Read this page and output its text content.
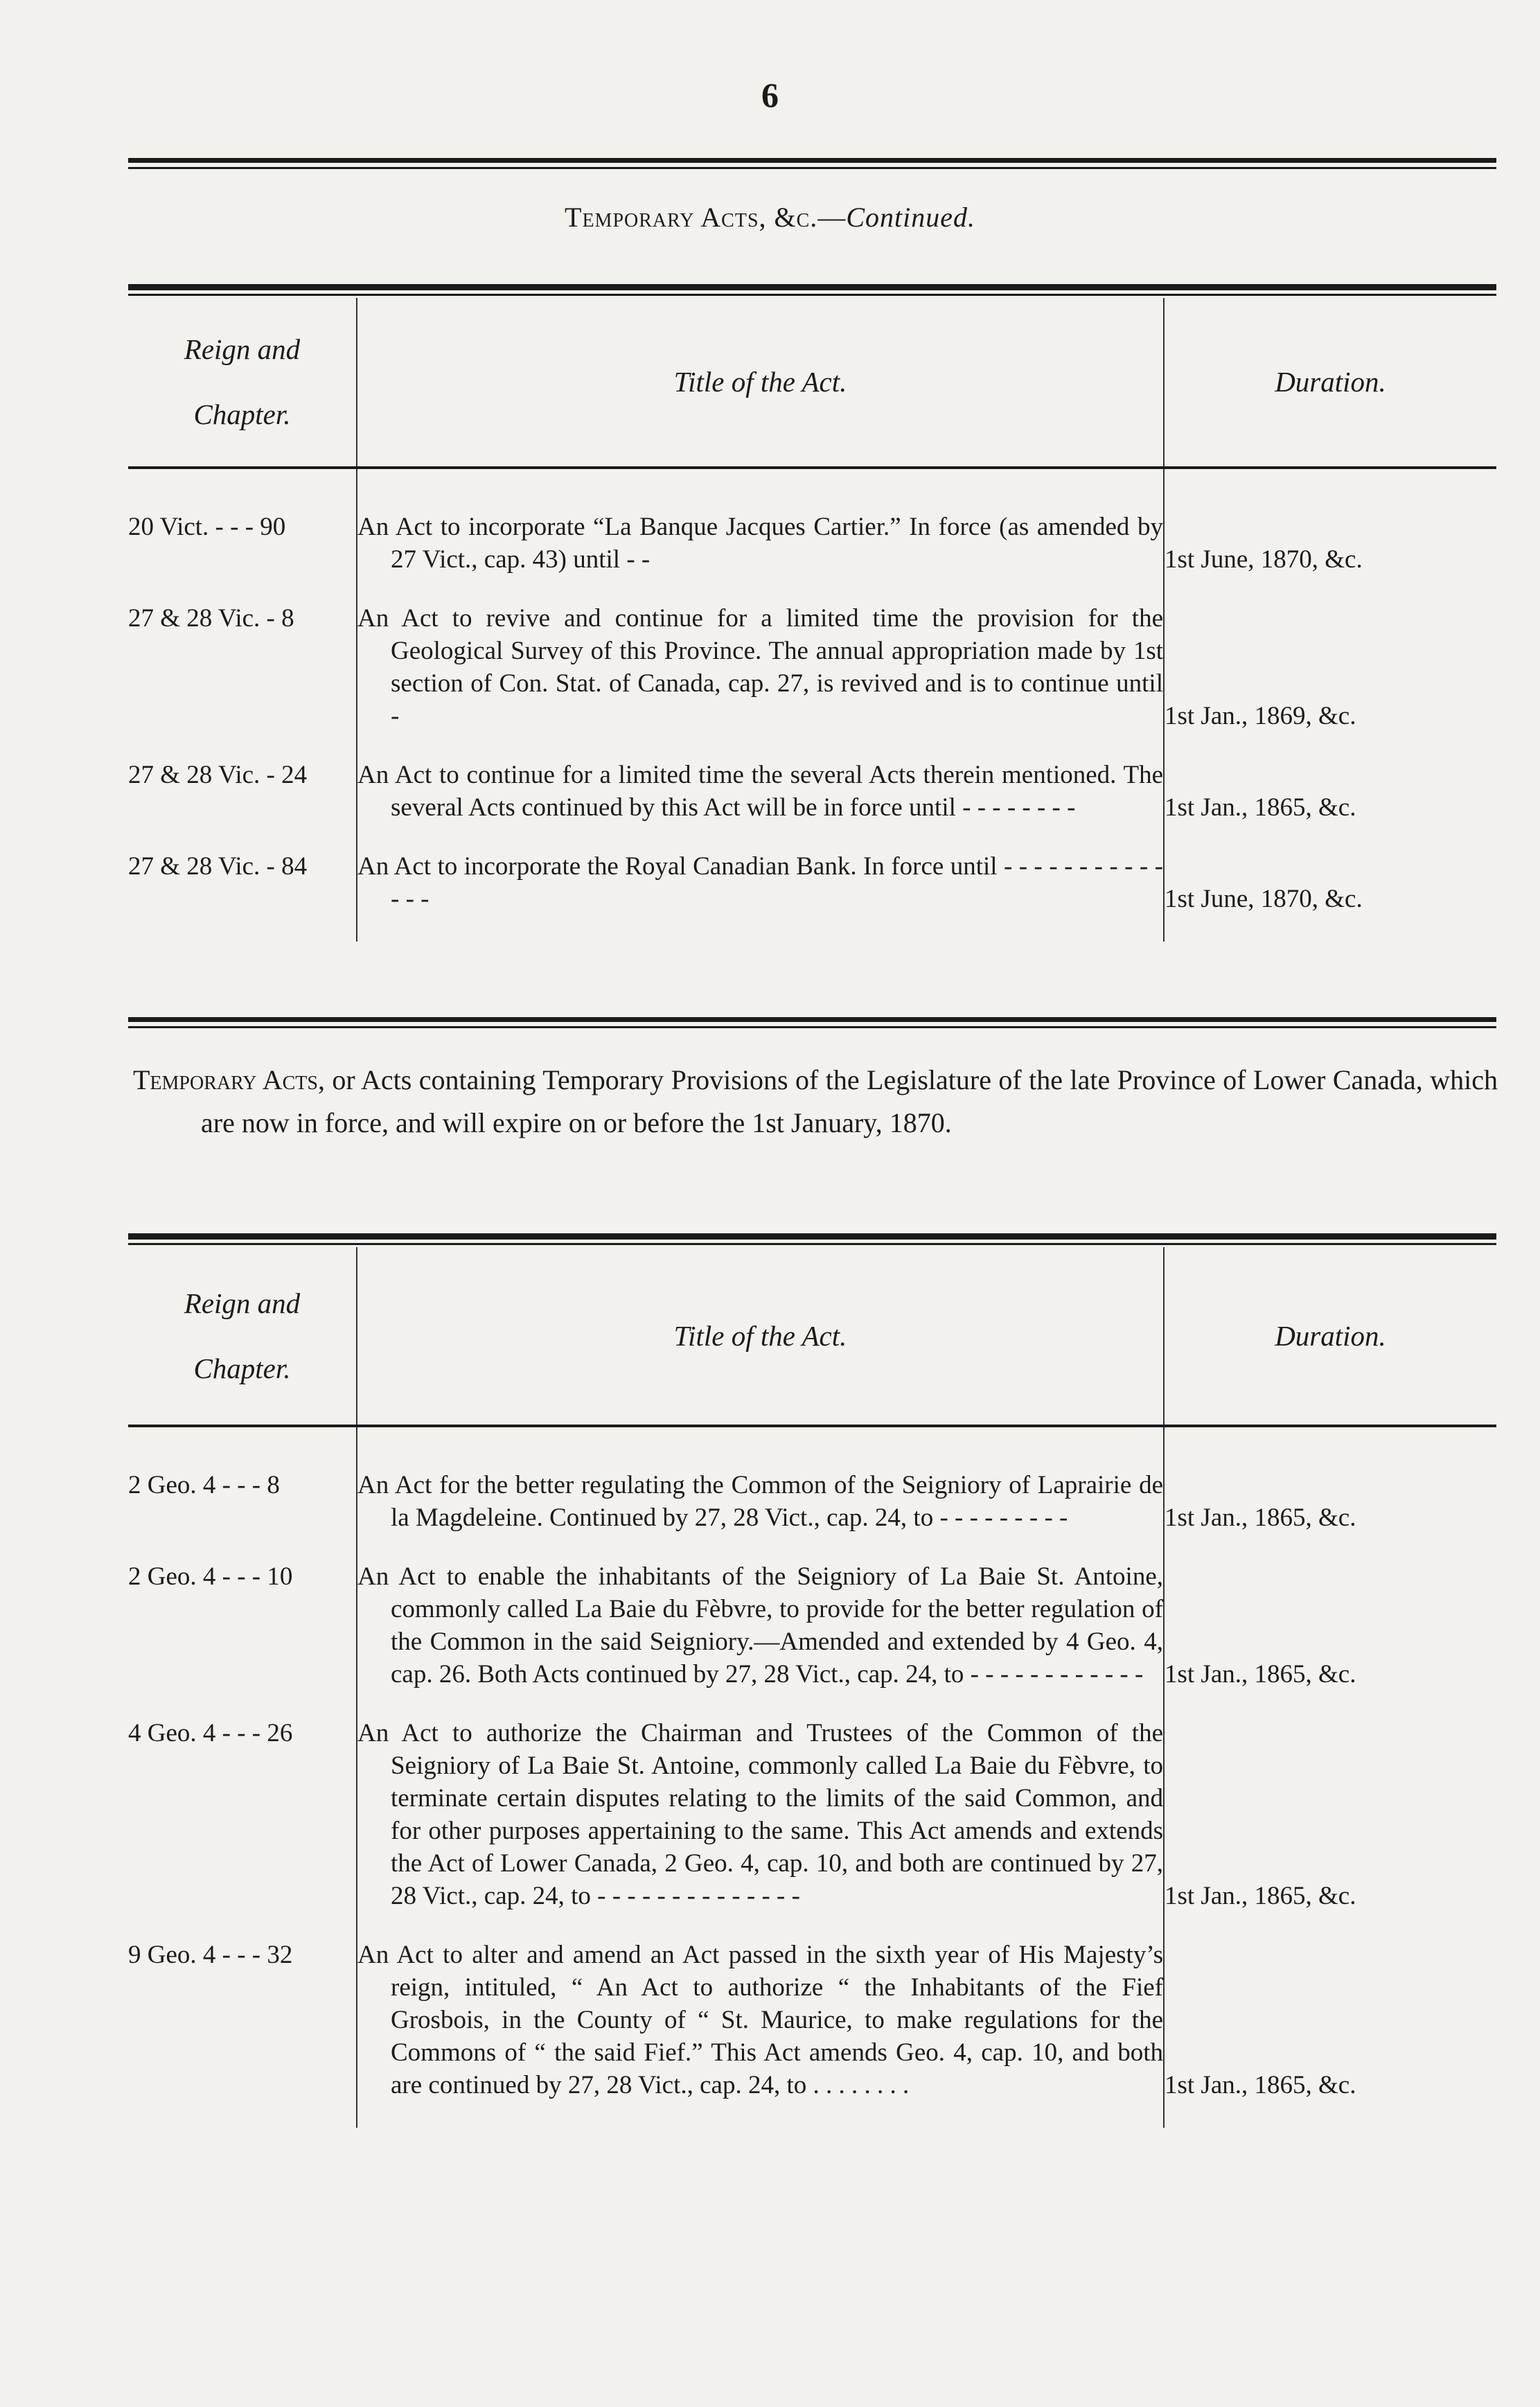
6
Temporary Acts, &c.—Continued.
Reign and

Chapter.	Title of the Act.	Duration.

20 Vict. - - - 90	An Act to incorporate “La Banque Jacques Cartier.” In force (as amended by 27 Vict., cap. 43) until - -	1st June, 1870, &c.
27 & 28 Vic. - 8	An Act to revive and continue for a limited time the provision for the Geological Survey of this Province. The annual appropriation made by 1st section of Con. Stat. of Canada, cap. 27, is revived and is to continue until -	1st Jan., 1869, &c.
27 & 28 Vic. - 24	An Act to continue for a limited time the several Acts therein mentioned. The several Acts continued by this Act will be in force until - - - - - - - -	1st Jan., 1865, &c.
27 & 28 Vic. - 84	An Act to incorporate the Royal Canadian Bank. In force until - - - - - - - - - - - - - -	1st June, 1870, &c.

Temporary Acts, or Acts containing Temporary Provisions of the Legislature of the late Province of Lower Canada, which are now in force, and will expire on or before the 1st January, 1870.

Reign and

Chapter.	Title of the Act.	Duration.

2 Geo. 4 - - - 8	An Act for the better regulating the Common of the Seigniory of Laprairie de la Magdeleine. Continued by 27, 28 Vict., cap. 24, to - - - - - - - - -	1st Jan., 1865, &c.
2 Geo. 4 - - - 10	An Act to enable the inhabitants of the Seigniory of La Baie St. Antoine, commonly called La Baie du Fèbvre, to provide for the better regulation of the Common in the said Seigniory.—Amended and extended by 4 Geo. 4, cap. 26. Both Acts continued by 27, 28 Vict., cap. 24, to - - - - - - - - - - - -	1st Jan., 1865, &c.
4 Geo. 4 - - - 26	An Act to authorize the Chairman and Trustees of the Common of the Seigniory of La Baie St. Antoine, commonly called La Baie du Fèbvre, to terminate certain disputes relating to the limits of the said Common, and for other purposes appertaining to the same. This Act amends and extends the Act of Lower Canada, 2 Geo. 4, cap. 10, and both are continued by 27, 28 Vict., cap. 24, to - - - - - - - - - - - - - -	1st Jan., 1865, &c.
9 Geo. 4 - - - 32	An Act to alter and amend an Act passed in the sixth year of His Majesty’s reign, intituled, “ An Act to authorize “ the Inhabitants of the Fief Grosbois, in the County of “ St. Maurice, to make regulations for the Commons of “ the said Fief.” This Act amends Geo. 4, cap. 10, and both are continued by 27, 28 Vict., cap. 24, to . . . . . . . .	1st Jan., 1865, &c.
